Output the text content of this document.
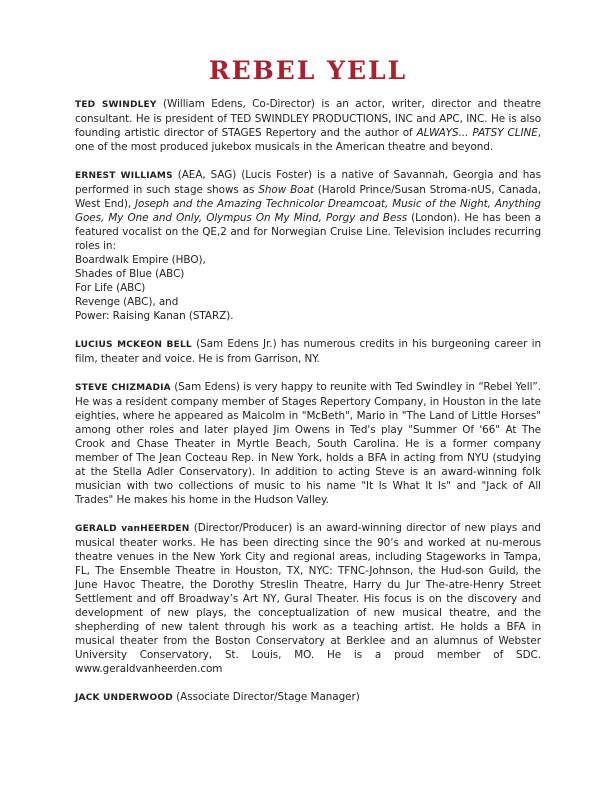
REBEL YELL

TED SWINDLEY (William Edens, Co-Director) is an actor, writer, director and theatre consultant. He is president of TED SWINDLEY PRODUCTIONS, INC and APC, INC. He is also founding artistic director of STAGES Repertory and the author of ALWAYS... PATSY CLINE, one of the most produced jukebox musicals in the American theatre and beyond.

ERNEST WILLIAMS (AEA, SAG) (Lucis Foster) is a native of Savannah, Georgia and has performed in such stage shows as Show Boat (Harold Prince/Susan Stroma-nUS, Canada, West End), Joseph and the Amazing Technicolor Dreamcoat, Music of the Night, Anything Goes, My One and Only, Olympus On My Mind, Porgy and Bess (London). He has been a featured vocalist on the QE,2 and for Norwegian Cruise Line. Television includes recurring roles in:
Boardwalk Empire (HBO),
Shades of Blue (ABC)
For Life (ABC)
Revenge (ABC), and
Power: Raising Kanan (STARZ).

LUCIUS MCKEON BELL (Sam Edens Jr.) has numerous credits in his burgeoning career in film, theater and voice. He is from Garrison, NY.

STEVE CHIZMADIA (Sam Edens) is very happy to reunite with Ted Swindley in “Rebel Yell”. He was a resident company member of Stages Repertory Company, in Houston in the late eighties, where he appeared as Malcolm in "McBeth", Mario in "The Land of Little Horses" among other roles and later played Jim Owens in Ted's play "Summer Of '66" At The Crook and Chase Theater in Myrtle Beach, South Carolina. He is a former company member of The Jean Cocteau Rep. in New York, holds a BFA in acting from NYU (studying at the Stella Adler Conservatory). In addition to acting Steve is an award-winning folk musician with two collections of music to his name "It Is What It Is" and "Jack of All Trades" He makes his home in the Hudson Valley.

GERALD vanHEERDEN (Director/Producer) is an award-winning director of new plays and musical theater works. He has been directing since the 90’s and worked at nu-merous theatre venues in the New York City and regional areas, including Stageworks in Tampa, FL, The Ensemble Theatre in Houston, TX, NYC: TFNC-Johnson, the Hud-son Guild, the June Havoc Theatre, the Dorothy Streslin Theatre, Harry du Jur The-atre-Henry Street Settlement and off Broadway’s Art NY, Gural Theater. His focus is on the discovery and development of new plays, the conceptualization of new musical theatre, and the shepherding of new talent through his work as a teaching artist. He holds a BFA in musical theater from the Boston Conservatory at Berklee and an alumnus of Webster University Conservatory, St. Louis, MO. He is a proud member of SDC. www.geraldvanheerden.com

JACK UNDERWOOD (Associate Director/Stage Manager)
